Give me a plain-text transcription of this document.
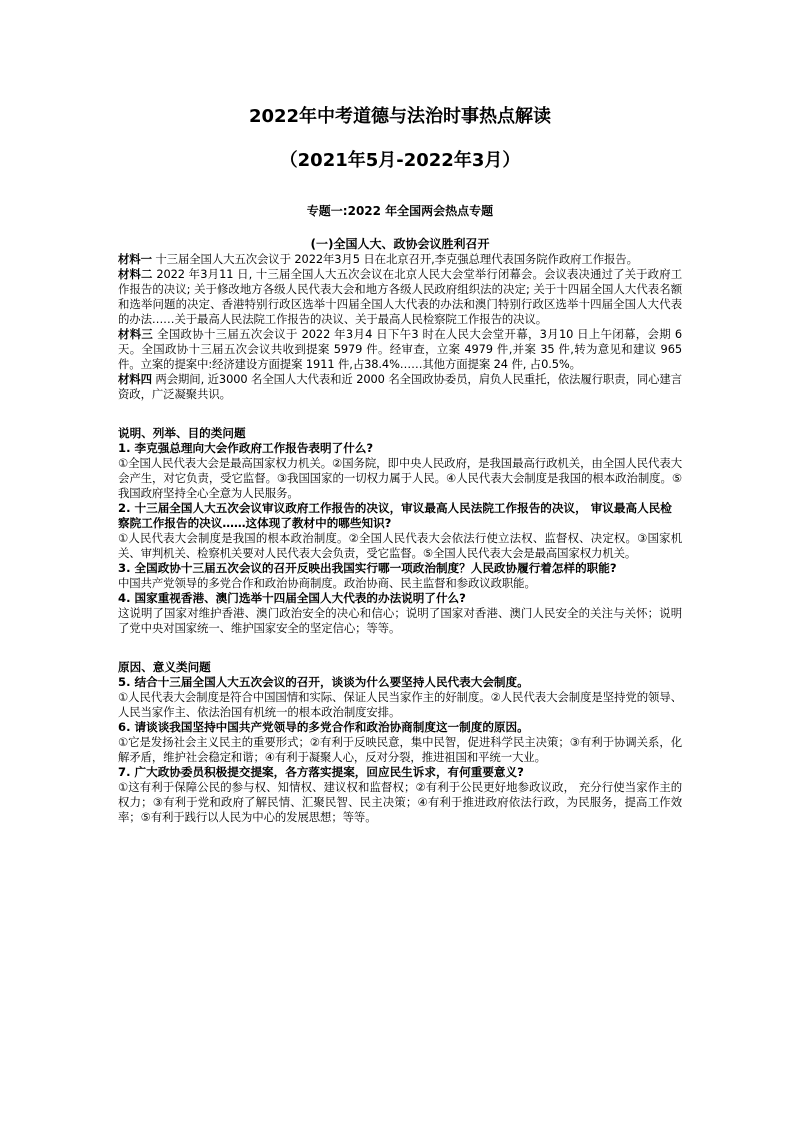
2022年中考道德与法治时事热点解读
（2021年5月-2022年3月）
专题一:2022 年全国两会热点专题
(一)全国人大、政协会议胜利召开

材料一 十三届全国人大五次会议于 2022年3月5 日在北京召开,李克强总理代表国务院作政府工作报告。

材料二 2022 年3月11 日, 十三届全国人大五次会议在北京人民大会堂举行闭幕会。会议表决通过了关于政府工作报告的决议; 关于修改地方各级人民代表大会和地方各级人民政府组织法的决定; 关于十四届全国人大代表名额和选举问题的决定、香港特别行政区选举十四届全国人大代表的办法和澳门特别行政区选举十四届全国人大代表的办法……关于最高人民法院工作报告的决议、关于最高人民检察院工作报告的决议。

材料三 全国政协十三届五次会议于 2022 年3月4 日下午3 时在人民大会堂开幕，3月10 日上午闭幕，会期 6 天。全国政协十三届五次会议共收到提案 5979 件。经审查，立案 4979 件,并案 35 件,转为意见和建议 965 件。立案的提案中:经济建设方面提案 1911 件,占38.4%……其他方面提案 24 件, 占0.5%。

材料四 两会期间, 近3000 名全国人大代表和近 2000 名全国政协委员，肩负人民重托，依法履行职责，同心建言资政，广泛凝聚共识。

说明、列举、目的类问题

1. 李克强总理向大会作政府工作报告表明了什么?

①全国人民代表大会是最高国家权力机关。②国务院，即中央人民政府，是我国最高行政机关，由全国人民代表大会产生，对它负责，受它监督。③我国国家的一切权力属于人民。④人民代表大会制度是我国的根本政治制度。⑤我国政府坚持全心全意为人民服务。

2. 十三届全国人大五次会议审议政府工作报告的决议，审议最高人民法院工作报告的决议， 审议最高人民检察院工作报告的决议……这体现了教材中的哪些知识?

①人民代表大会制度是我国的根本政治制度。②全国人民代表大会依法行使立法权、监督权、决定权。③国家机关、审判机关、检察机关要对人民代表大会负责，受它监督。⑤全国人民代表大会是最高国家权力机关。

3. 全国政协十三届五次会议的召开反映出我国实行哪一项政治制度？人民政协履行着怎样的职能?

中国共产党领导的多党合作和政治协商制度。政治协商、民主监督和参政议政职能。

4. 国家重视香港、澳门选举十四届全国人大代表的办法说明了什么?

这说明了国家对维护香港、澳门政治安全的决心和信心；说明了国家对香港、澳门人民安全的关注与关怀；说明了党中央对国家统一、维护国家安全的坚定信心；等等。

原因、意义类问题

5. 结合十三届全国人大五次会议的召开，谈谈为什么要坚持人民代表大会制度。

①人民代表大会制度是符合中国国情和实际、保证人民当家作主的好制度。②人民代表大会制度是坚持党的领导、人民当家作主、依法治国有机统一的根本政治制度安排。

6. 请谈谈我国坚持中国共产党领导的多党合作和政治协商制度这一制度的原因。

①它是发扬社会主义民主的重要形式；②有利于反映民意，集中民智，促进科学民主决策；③有利于协调关系，化解矛盾，维护社会稳定和谐；④有利于凝聚人心，反对分裂，推进祖国和平统一大业。

7. 广大政协委员积极提交提案，各方落实提案，回应民生诉求，有何重要意义?

①这有利于保障公民的参与权、知情权、建议权和监督权；②有利于公民更好地参政议政， 充分行使当家作主的权力；③有利于党和政府了解民情、汇聚民智、民主决策；④有利于推进政府依法行政，为民服务，提高工作效率；⑤有利于践行以人民为中心的发展思想；等等。
